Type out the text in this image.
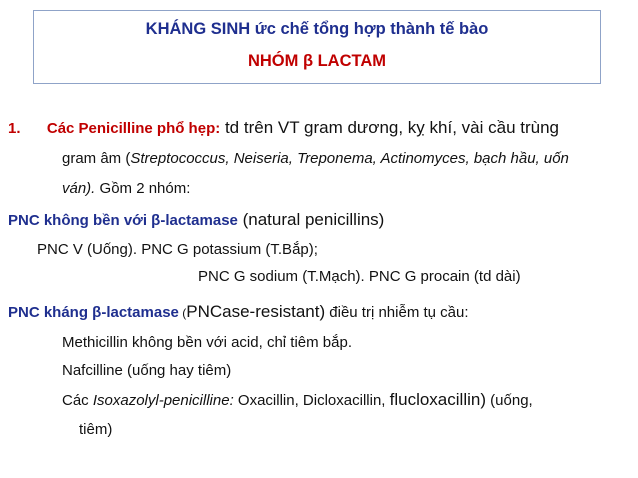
KHÁNG SINH ức chế tổng hợp thành tế bào
NHÓM β LACTAM
1. Các Penicilline phổ hẹp: td trên VT gram dương, kỵ khí, vài cầu trùng
gram âm (Streptococcus, Neiseria, Treponema, Actinomyces, bạch hầu, uốn
ván). Gồm 2 nhóm:
PNC không bền với β-lactamase (natural penicillins)
PNC V (Uống). PNC G potassium (T.Bắp);
PNC G sodium (T.Mạch). PNC G procain (td dài)
PNC kháng β-lactamase (PNCase-resistant) điều trị nhiễm tụ cầu:
Methicillin không bền với acid, chỉ tiêm bắp.
Nafcilline (uống hay tiêm)
Các Isoxazolyl-penicilline: Oxacillin, Dicloxacillin, flucloxacillin) (uống,
tiêm)
